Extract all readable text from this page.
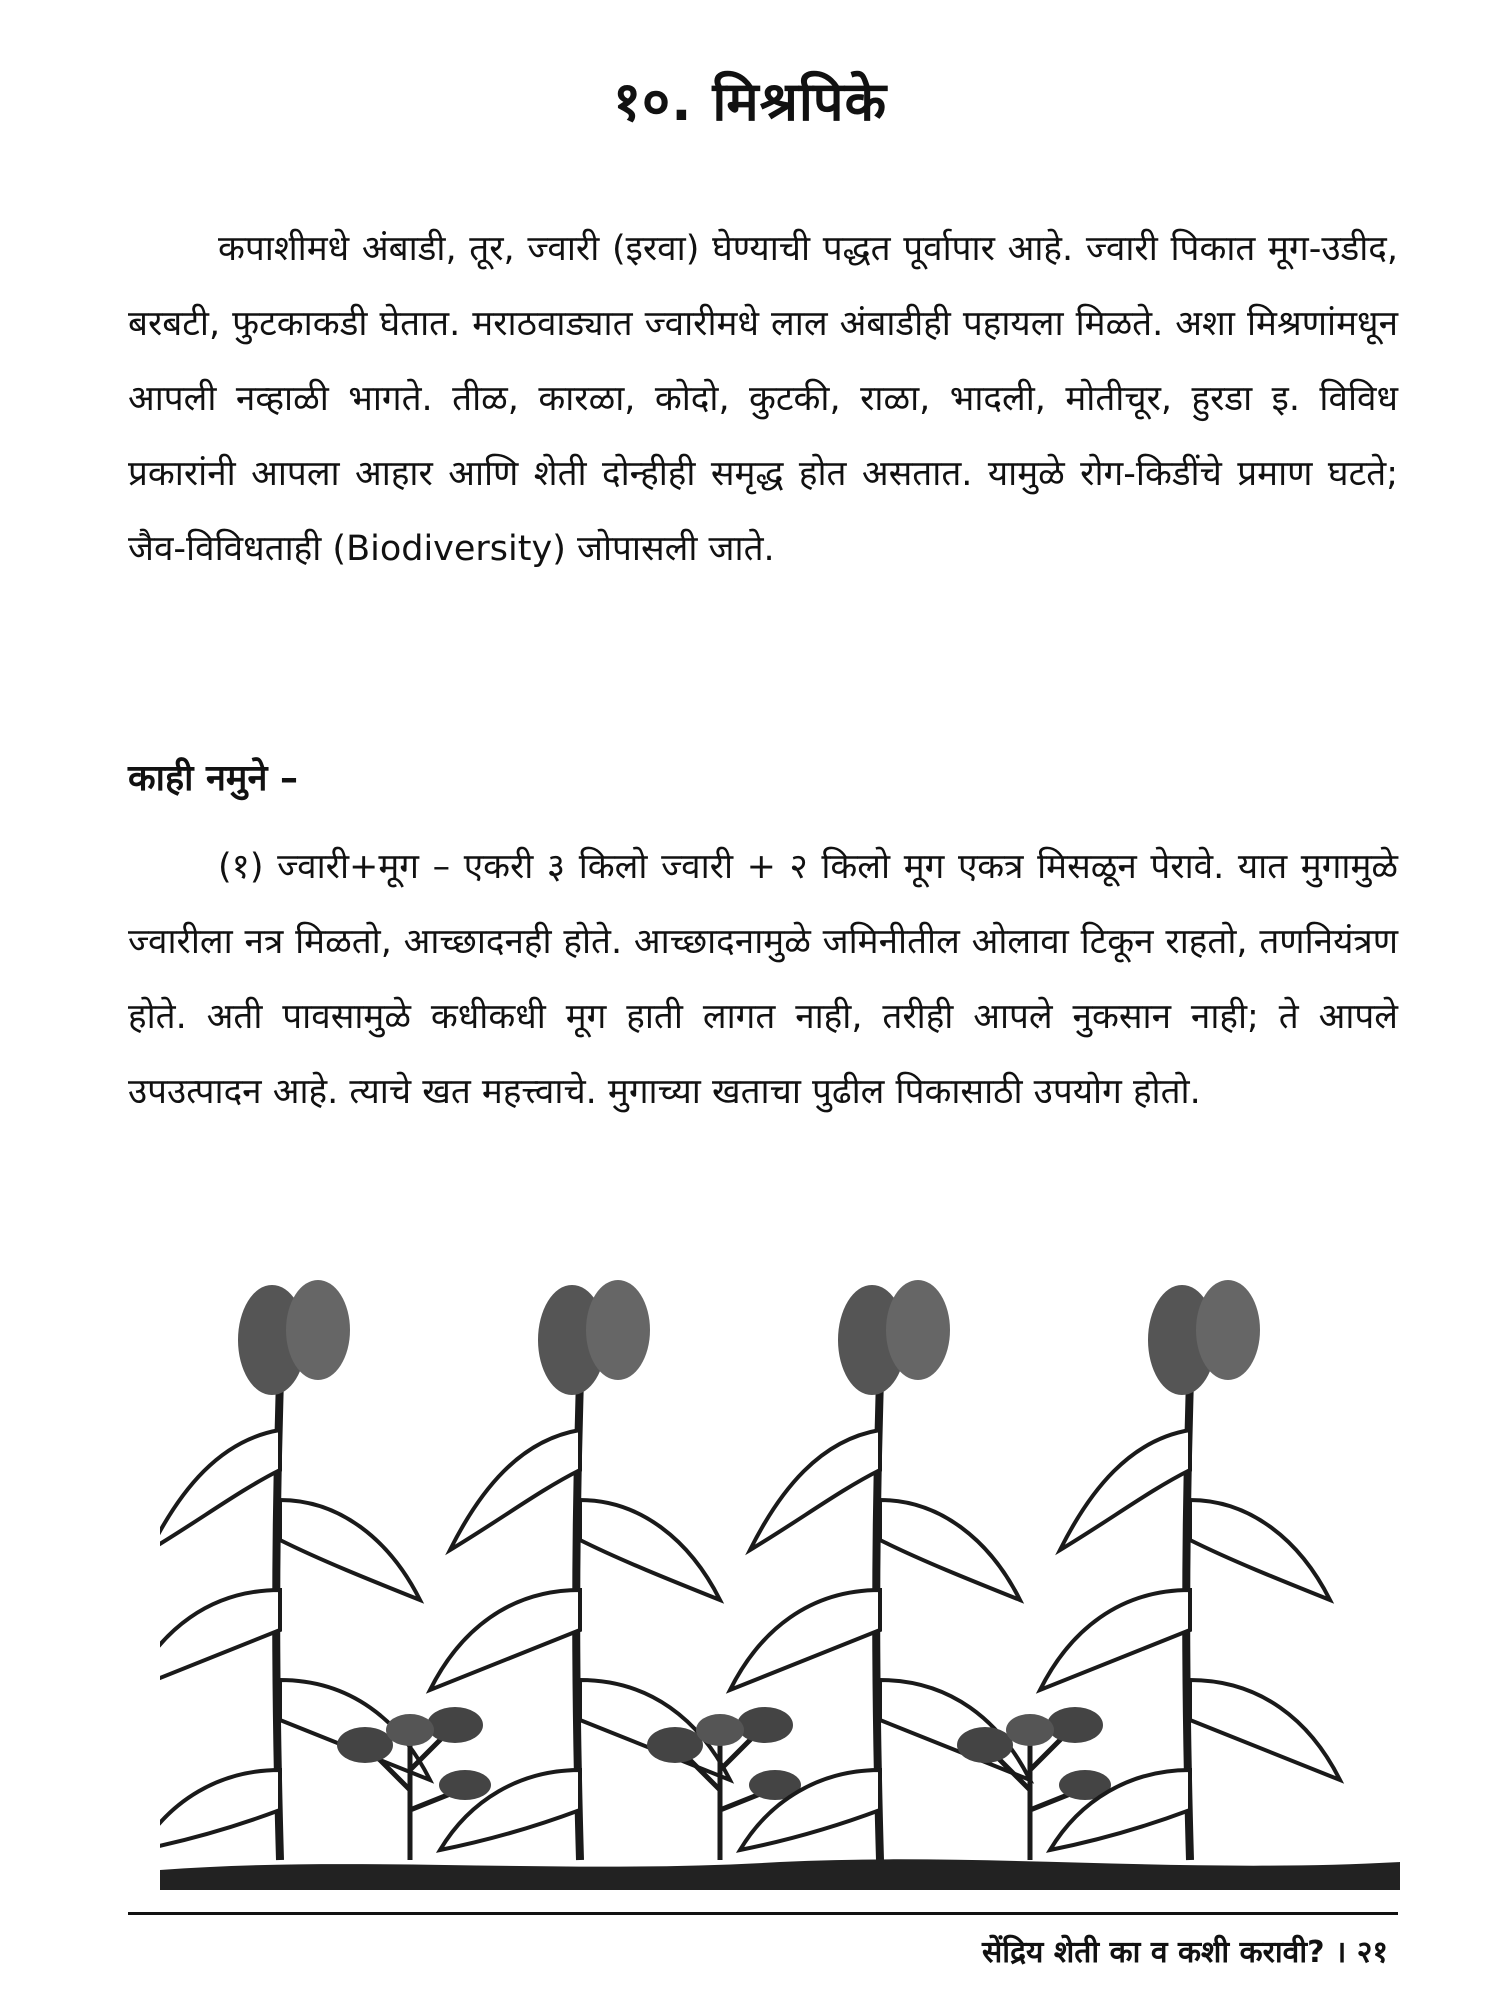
१०. मिश्रपिके
कपाशीमधे अंबाडी, तूर, ज्वारी (इरवा) घेण्याची पद्धत पूर्वापार आहे. ज्वारी पिकात मूग-उडीद, बरबटी, फुटकाकडी घेतात. मराठवाड्यात ज्वारीमधे लाल अंबाडीही पहायला मिळते. अशा मिश्रणांमधून आपली नव्हाळी भागते. तीळ, कारळा, कोदो, कुटकी, राळा, भादली, मोतीचूर, हुरडा इ. विविध प्रकारांनी आपला आहार आणि शेती दोन्हीही समृद्ध होत असतात. यामुळे रोग-किडींचे प्रमाण घटते; जैव-विविधताही (Biodiversity) जोपासली जाते.
काही नमुने –
(१) ज्वारी+मूग – एकरी ३ किलो ज्वारी + २ किलो मूग एकत्र मिसळून पेरावे. यात मुगामुळे ज्वारीला नत्र मिळतो, आच्छादनही होते. आच्छादनामुळे जमिनीतील ओलावा टिकून राहतो, तणनियंत्रण होते. अती पावसामुळे कधीकधी मूग हाती लागत नाही, तरीही आपले नुकसान नाही; ते आपले उपउत्पादन आहे. त्याचे खत महत्त्वाचे. मुगाच्या खताचा पुढील पिकासाठी उपयोग होतो.
सेंद्रिय शेती का व कशी करावी? । २१
